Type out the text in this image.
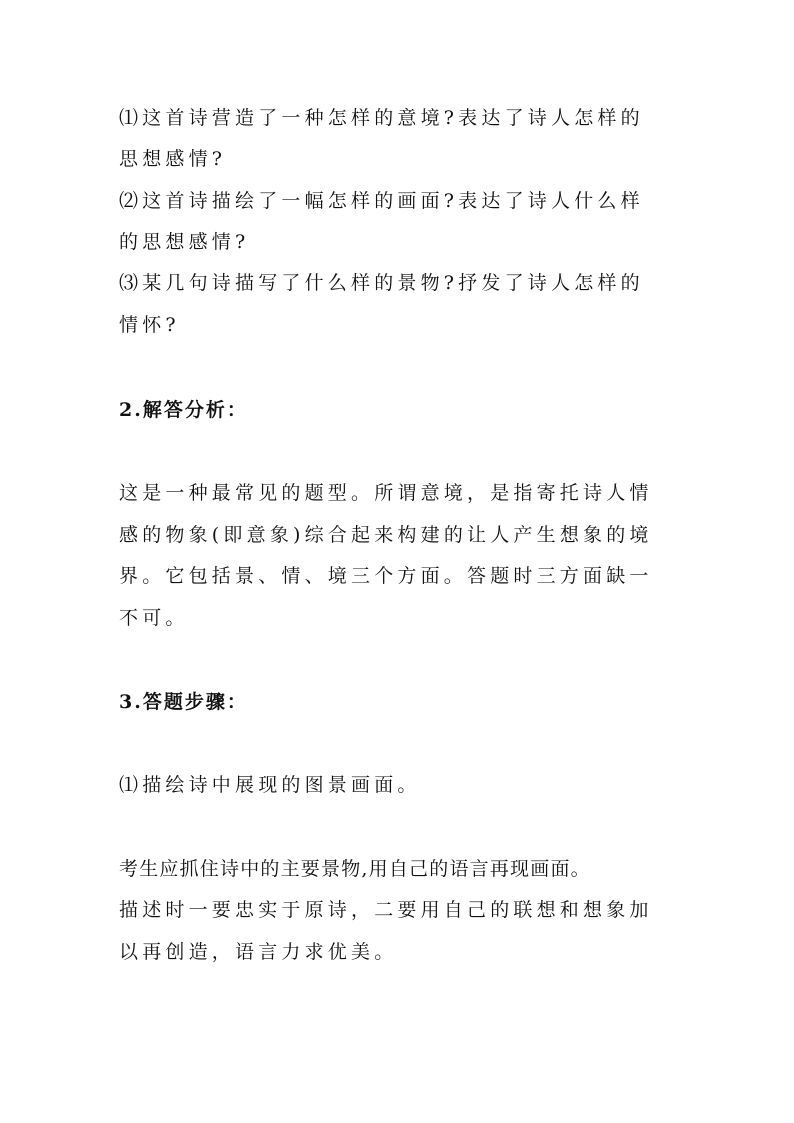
⑴这首诗营造了一种怎样的意境?表达了诗人怎样的
思想感情?
⑵这首诗描绘了一幅怎样的画面?表达了诗人什么样
的思想感情?
⑶某几句诗描写了什么样的景物?抒发了诗人怎样的
情怀?
2.解答分析：
这是一种最常见的题型。所谓意境，是指寄托诗人情
感的物象(即意象)综合起来构建的让人产生想象的境
界。它包括景、情、境三个方面。答题时三方面缺一
不可。
3.答题步骤：
⑴描绘诗中展现的图景画面。
考生应抓住诗中的主要景物,用自己的语言再现画面。
描述时一要忠实于原诗，二要用自己的联想和想象加
以再创造，语言力求优美。
